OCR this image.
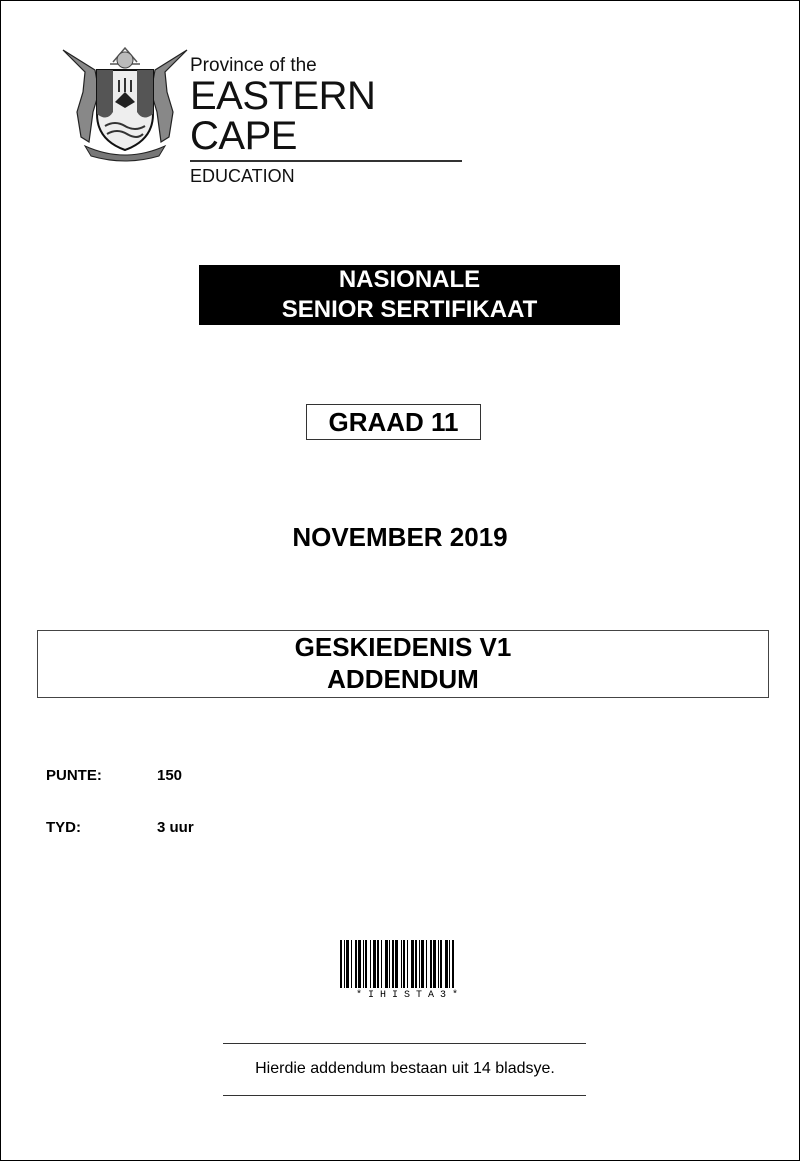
Province of the
EASTERN CAPE
EDUCATION
NASIONALE
SENIOR SERTIFIKAAT
GRAAD 11
NOVEMBER 2019
GESKIEDENIS V1
ADDENDUM
PUNTE:	150
TYD:	3 uur
*IHISTA3*
Hierdie addendum bestaan uit 14 bladsye.
